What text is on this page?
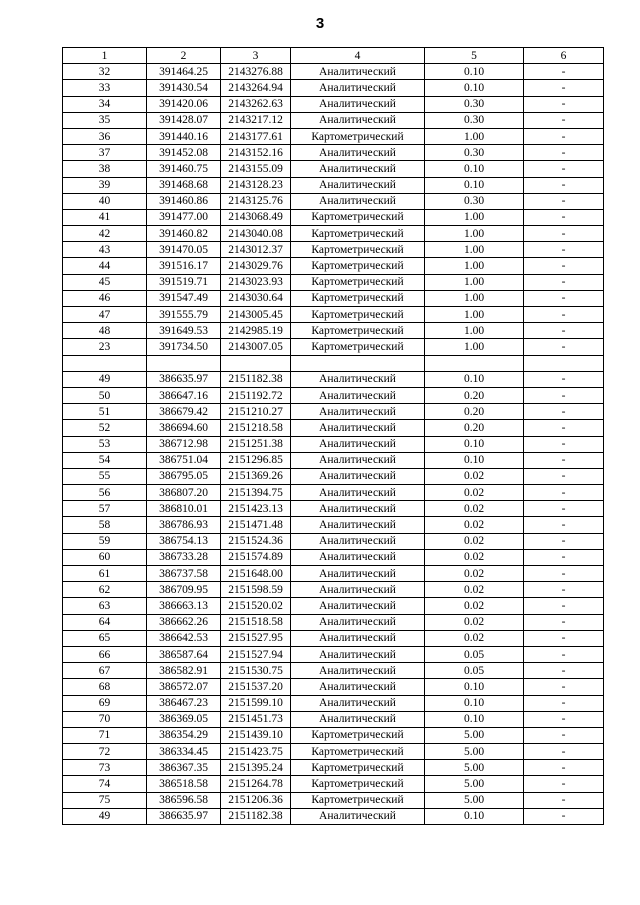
3
1	2	3	4	5	6
32	391464.25	2143276.88	Аналитический	0.10	-
33	391430.54	2143264.94	Аналитический	0.10	-
34	391420.06	2143262.63	Аналитический	0.30	-
35	391428.07	2143217.12	Аналитический	0.30	-
36	391440.16	2143177.61	Картометрический	1.00	-
37	391452.08	2143152.16	Аналитический	0.30	-
38	391460.75	2143155.09	Аналитический	0.10	-
39	391468.68	2143128.23	Аналитический	0.10	-
40	391460.86	2143125.76	Аналитический	0.30	-
41	391477.00	2143068.49	Картометрический	1.00	-
42	391460.82	2143040.08	Картометрический	1.00	-
43	391470.05	2143012.37	Картометрический	1.00	-
44	391516.17	2143029.76	Картометрический	1.00	-
45	391519.71	2143023.93	Картометрический	1.00	-
46	391547.49	2143030.64	Картометрический	1.00	-
47	391555.79	2143005.45	Картометрический	1.00	-
48	391649.53	2142985.19	Картометрический	1.00	-
23	391734.50	2143007.05	Картометрический	1.00	-

49	386635.97	2151182.38	Аналитический	0.10	-
50	386647.16	2151192.72	Аналитический	0.20	-
51	386679.42	2151210.27	Аналитический	0.20	-
52	386694.60	2151218.58	Аналитический	0.20	-
53	386712.98	2151251.38	Аналитический	0.10	-
54	386751.04	2151296.85	Аналитический	0.10	-
55	386795.05	2151369.26	Аналитический	0.02	-
56	386807.20	2151394.75	Аналитический	0.02	-
57	386810.01	2151423.13	Аналитический	0.02	-
58	386786.93	2151471.48	Аналитический	0.02	-
59	386754.13	2151524.36	Аналитический	0.02	-
60	386733.28	2151574.89	Аналитический	0.02	-
61	386737.58	2151648.00	Аналитический	0.02	-
62	386709.95	2151598.59	Аналитический	0.02	-
63	386663.13	2151520.02	Аналитический	0.02	-
64	386662.26	2151518.58	Аналитический	0.02	-
65	386642.53	2151527.95	Аналитический	0.02	-
66	386587.64	2151527.94	Аналитический	0.05	-
67	386582.91	2151530.75	Аналитический	0.05	-
68	386572.07	2151537.20	Аналитический	0.10	-
69	386467.23	2151599.10	Аналитический	0.10	-
70	386369.05	2151451.73	Аналитический	0.10	-
71	386354.29	2151439.10	Картометрический	5.00	-
72	386334.45	2151423.75	Картометрический	5.00	-
73	386367.35	2151395.24	Картометрический	5.00	-
74	386518.58	2151264.78	Картометрический	5.00	-
75	386596.58	2151206.36	Картометрический	5.00	-
49	386635.97	2151182.38	Аналитический	0.10	-
